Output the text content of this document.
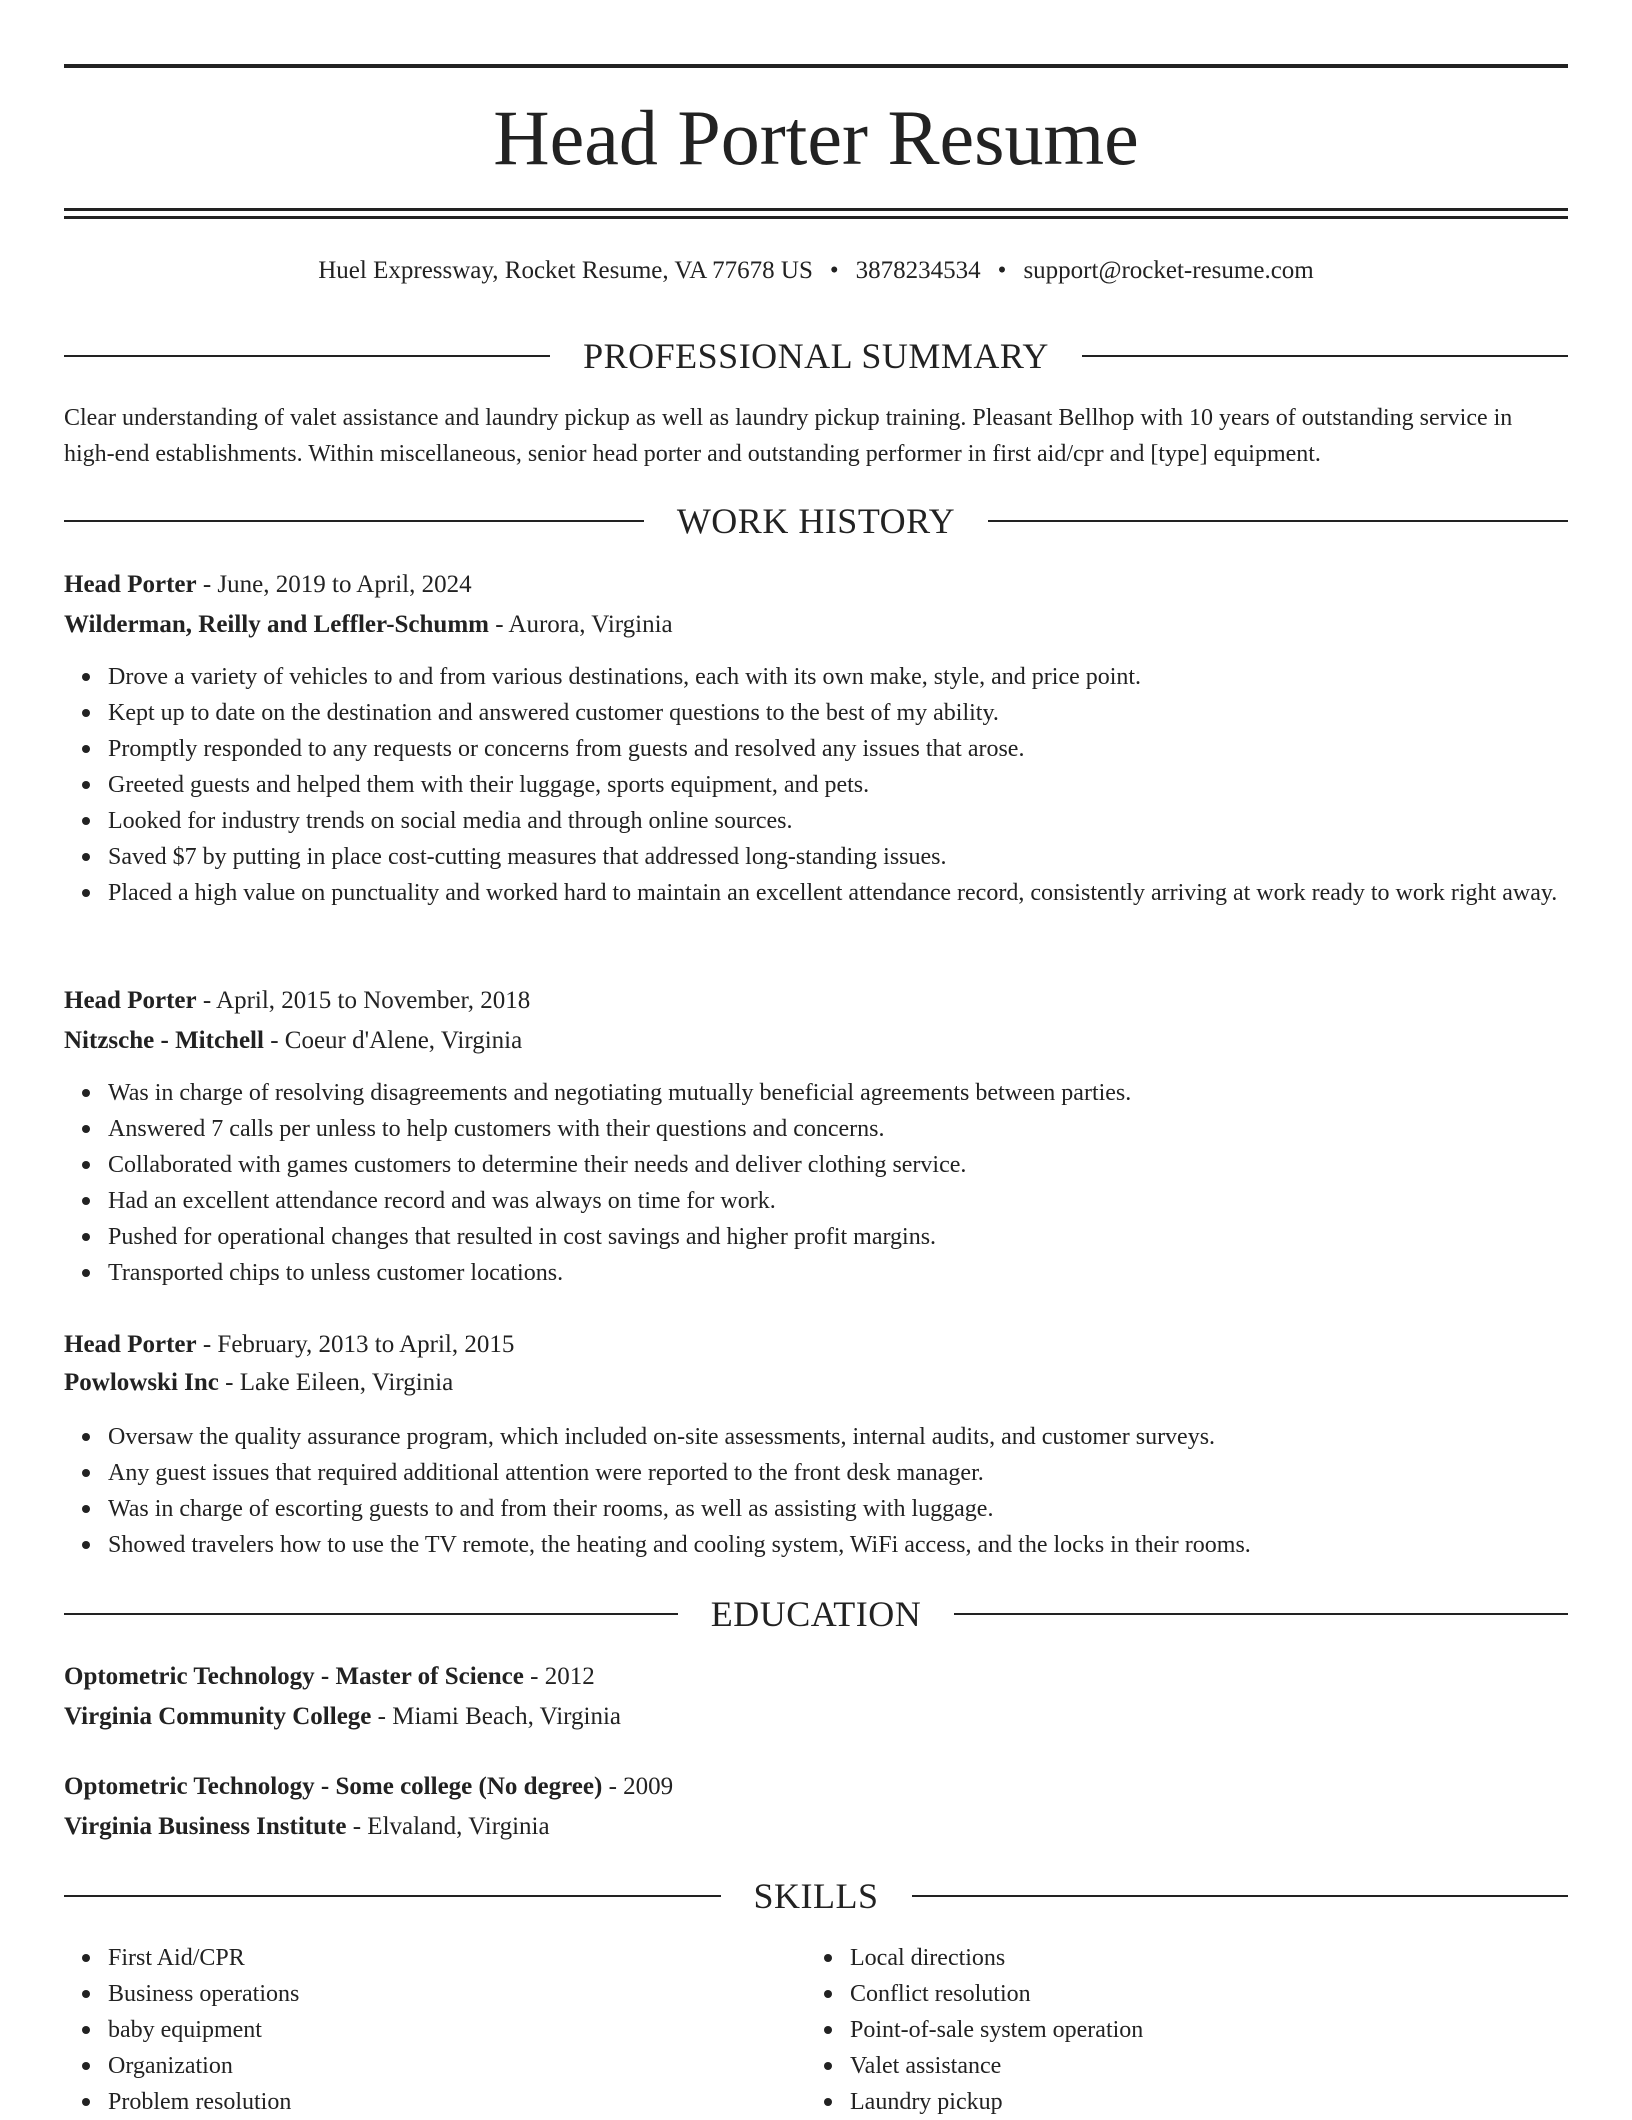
Head Porter Resume
Huel Expressway, Rocket Resume, VA 77678 US • 3878234534 • support@rocket-resume.com
PROFESSIONAL SUMMARY
Clear understanding of valet assistance and laundry pickup as well as laundry pickup training. Pleasant Bellhop with 10 years of outstanding service in high-end establishments. Within miscellaneous, senior head porter and outstanding performer in first aid/cpr and [type] equipment.
WORK HISTORY
Head Porter - June, 2019 to April, 2024
Wilderman, Reilly and Leffler-Schumm - Aurora, Virginia
Drove a variety of vehicles to and from various destinations, each with its own make, style, and price point.
Kept up to date on the destination and answered customer questions to the best of my ability.
Promptly responded to any requests or concerns from guests and resolved any issues that arose.
Greeted guests and helped them with their luggage, sports equipment, and pets.
Looked for industry trends on social media and through online sources.
Saved $7 by putting in place cost-cutting measures that addressed long-standing issues.
Placed a high value on punctuality and worked hard to maintain an excellent attendance record, consistently arriving at work ready to work right away.
Head Porter - April, 2015 to November, 2018
Nitzsche - Mitchell - Coeur d'Alene, Virginia
Was in charge of resolving disagreements and negotiating mutually beneficial agreements between parties.
Answered 7 calls per unless to help customers with their questions and concerns.
Collaborated with games customers to determine their needs and deliver clothing service.
Had an excellent attendance record and was always on time for work.
Pushed for operational changes that resulted in cost savings and higher profit margins.
Transported chips to unless customer locations.
Head Porter - February, 2013 to April, 2015
Powlowski Inc - Lake Eileen, Virginia
Oversaw the quality assurance program, which included on-site assessments, internal audits, and customer surveys.
Any guest issues that required additional attention were reported to the front desk manager.
Was in charge of escorting guests to and from their rooms, as well as assisting with luggage.
Showed travelers how to use the TV remote, the heating and cooling system, WiFi access, and the locks in their rooms.
EDUCATION
Optometric Technology - Master of Science - 2012
Virginia Community College - Miami Beach, Virginia
Optometric Technology - Some college (No degree) - 2009
Virginia Business Institute - Elvaland, Virginia
SKILLS
First Aid/CPR
Business operations
baby equipment
Organization
Problem resolution
Local directions
Conflict resolution
Point-of-sale system operation
Valet assistance
Laundry pickup
